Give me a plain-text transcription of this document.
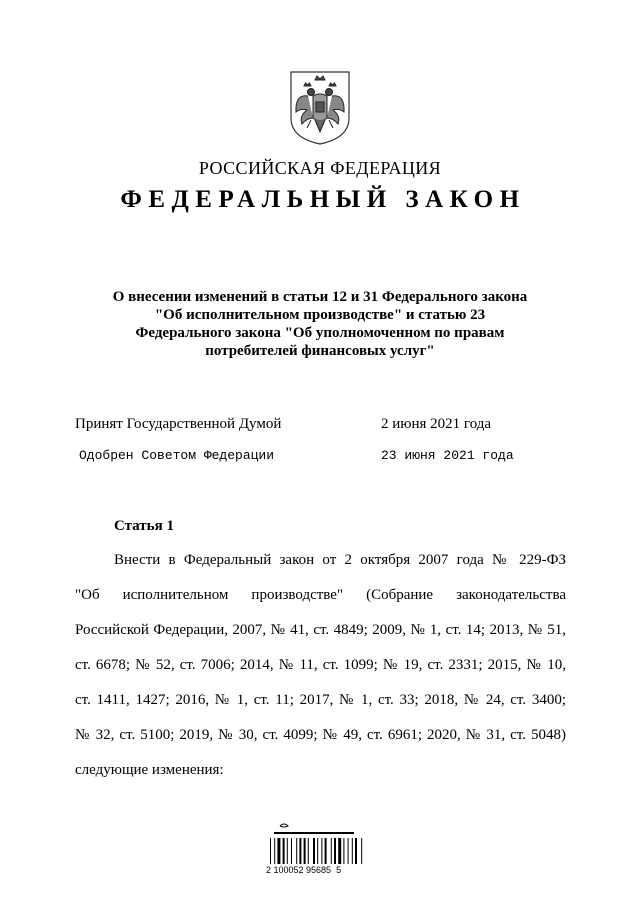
РОССИЙСКАЯ ФЕДЕРАЦИЯ
ФЕДЕРАЛЬНЫЙ ЗАКОН
О внесении изменений в статьи 12 и 31 Федерального закона
"Об исполнительном производстве" и статью 23
Федерального закона "Об уполномоченном по правам
потребителей финансовых услуг"
Принят Государственной Думой	2 июня 2021 года
Одобрен Советом Федерации	23 июня 2021 года
Статья 1
Внести в Федеральный закон от 2 октября 2007 года № 229-ФЗ
"Об исполнительном производстве" (Собрание законодательства
Российской Федерации, 2007, № 41, ст. 4849; 2009, № 1, ст. 14; 2013, № 51,
ст. 6678; № 52, ст. 7006; 2014, № 11, ст. 1099; № 19, ст. 2331; 2015, № 10,
ст. 1411, 1427; 2016, № 1, ст. 11; 2017, № 1, ст. 33; 2018, № 24, ст. 3400;
№ 32, ст. 5100; 2019, № 30, ст. 4099; № 49, ст. 6961; 2020, № 31, ст. 5048)
следующие изменения:
2 100052 95685  5
